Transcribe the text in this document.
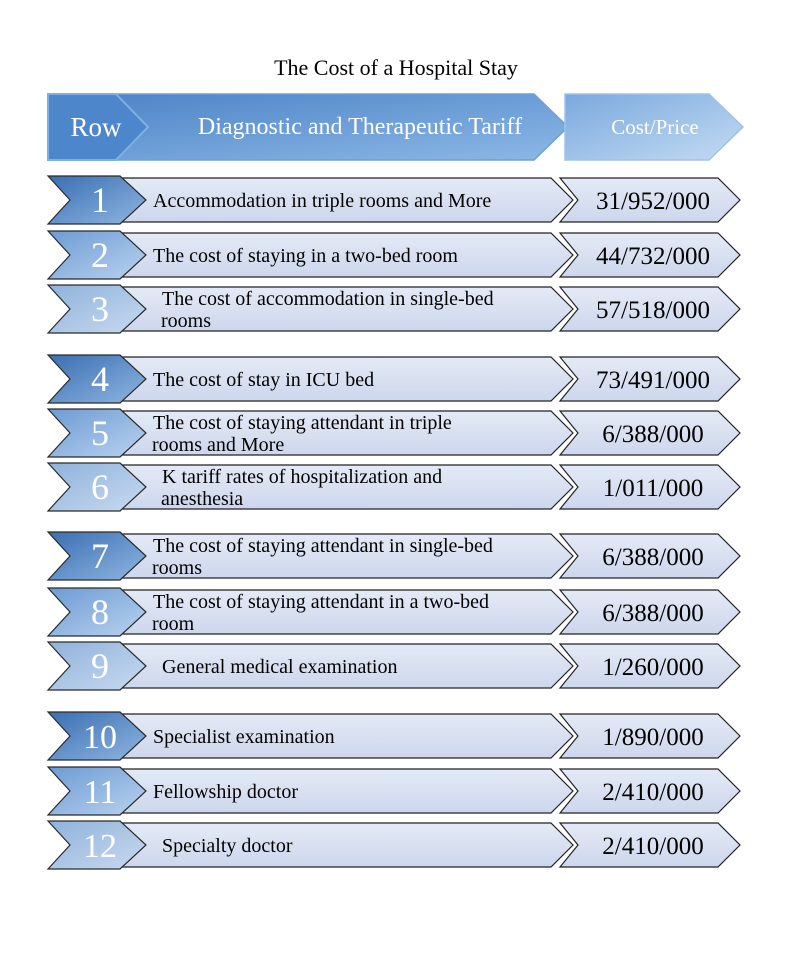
The Cost of a Hospital Stay
Row	Diagnostic and Therapeutic Tariff	Cost/Price
1 Accommodation in triple rooms and More	31/952/000
2 The cost of staying in a two-bed room	44/732/000
3	The cost of accommodation in single-bed
rooms	57/518/000
4 The cost of stay in ICU bed	73/491/000
5 The cost of staying attendant in triple
rooms and More	6/388/000
6	K tariff rates of hospitalization and
anesthesia	1/011/000
7 The cost of staying attendant in single-bed
rooms	6/388/000
8 The cost of staying attendant in a two-bed
room	6/388/000
9	General medical examination	1/260/000
10 Specialist examination	1/890/000
11 Fellowship doctor	2/410/000
12 Specialty doctor	2/410/000
